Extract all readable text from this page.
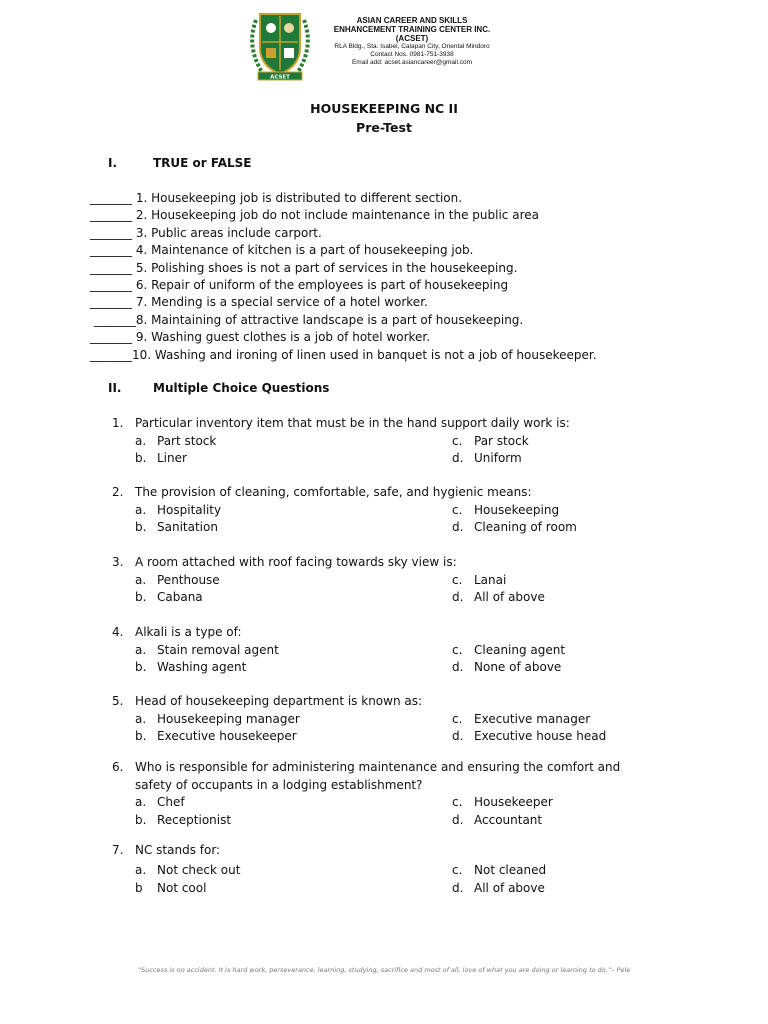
ACSET
ASIAN CAREER AND SKILLS
ENHANCEMENT TRAINING CENTER INC.
(ACSET)
RLA Bldg., Sta. Isabel, Calapan City, Oriental Mindoro
Contact Nos. 0981-751-3938
Email add: acset.asiancareer@gmail.com
HOUSEKEEPING NC II
Pre-Test
I.	TRUE or FALSE
_______ 1. Housekeeping job is distributed to different section.
_______ 2. Housekeeping job do not include maintenance in the public area
_______ 3. Public areas include carport.
_______ 4. Maintenance of kitchen is a part of housekeeping job.
_______ 5. Polishing shoes is not a part of services in the housekeeping.
_______ 6. Repair of uniform of the employees is part of housekeeping
_______ 7. Mending is a special service of a hotel worker.
_______8. Maintaining of attractive landscape is a part of housekeeping.
_______ 9. Washing guest clothes is a job of hotel worker.
_______10. Washing and ironing of linen used in banquet is not a job of housekeeper.
II.	Multiple Choice Questions
1. Particular inventory item that must be in the hand support daily work is:

a. Part stock
b. Liner
c. Par stock
d. Uniform
2. The provision of cleaning, comfortable, safe, and hygienic means:

a. Hospitality
b. Sanitation
c. Housekeeping
d. Cleaning of room
3. A room attached with roof facing towards sky view is:

a. Penthouse
b. Cabana
c. Lanai
d. All of above
4. Alkali is a type of:

a. Stain removal agent
b. Washing agent
c. Cleaning agent
d. None of above
5. Head of housekeeping department is known as:

a. Housekeeping manager
b. Executive housekeeper
c. Executive manager
d. Executive house head
6. Who is responsible for administering maintenance and ensuring the comfort and safety of occupants in a lodging establishment?

a. Chef
b. Receptionist
c. Housekeeper
d. Accountant
7. NC stands for:

a. Not check out
b Not cool
c. Not cleaned
d. All of above
“Success is no accident. It is hard work, perseverance, learning, studying, sacrifice and most of all, love of what you are doing or learning to do.”– Pele
